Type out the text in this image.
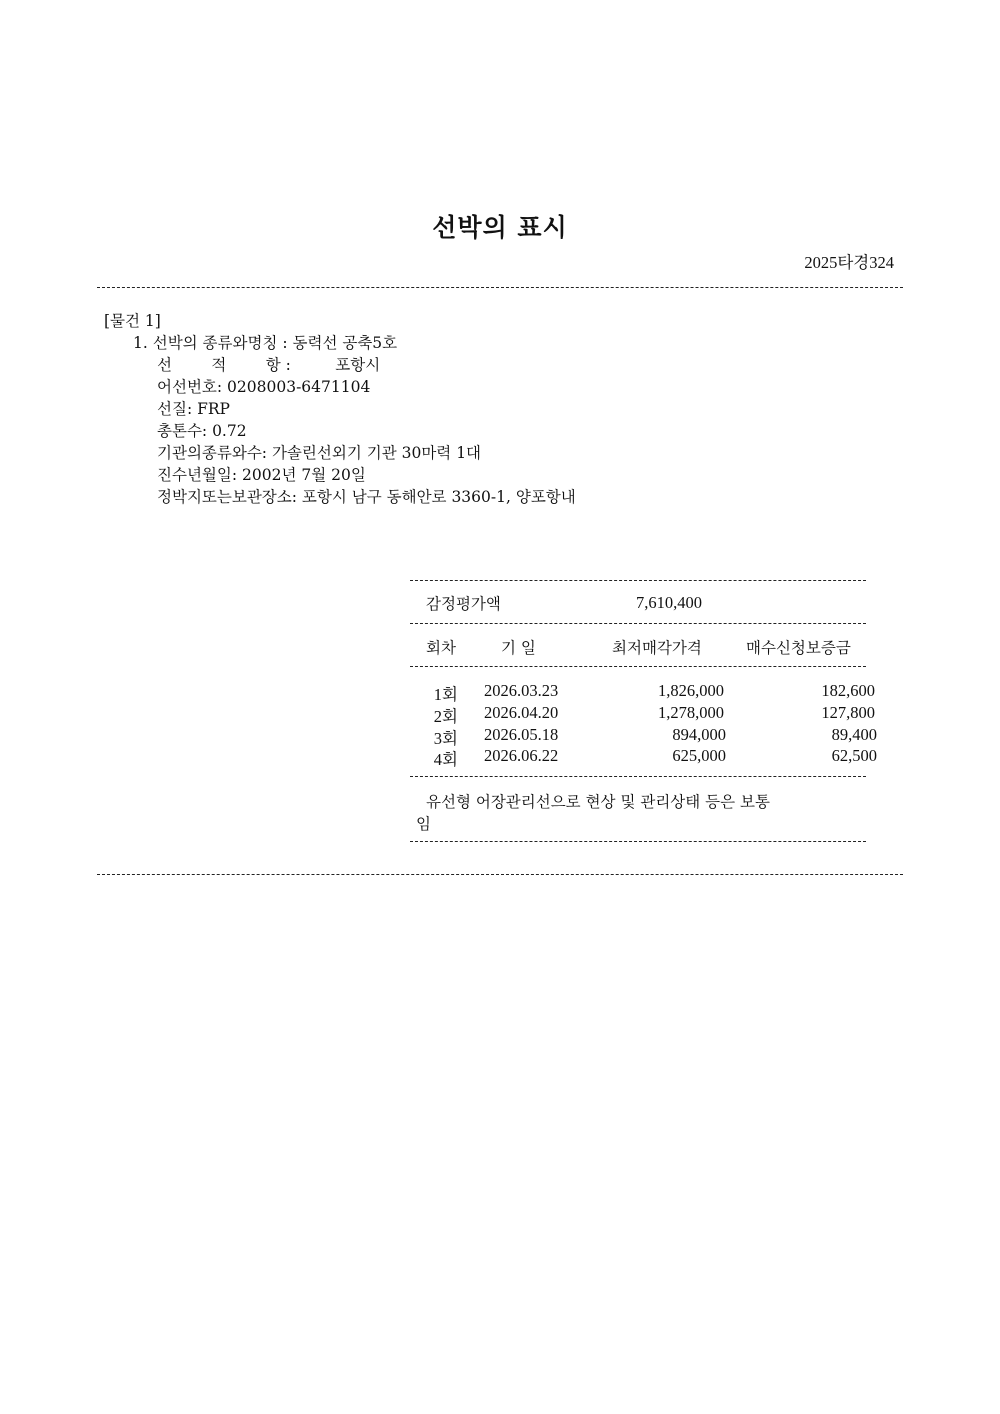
선박의 표시
2025타경324
[물건 1]
1. 선박의 종류와명칭 : 동력선 공축5호
선        적        항 :         포항시
어선번호: 0208003-6471104
선질: FRP
총톤수: 0.72
기관의종류와수: 가솔린선외기 기관 30마력 1대
진수년월일: 2002년 7월 20일
정박지또는보관장소: 포항시 남구 동해안로 3360-1, 양포항내
감정평가액	7,610,400
회차	기 일	최저매각가격	매수신청보증금
1회 2026.03.23	1,826,000	182,600
2회 2026.04.20	1,278,000	127,800
3회 2026.05.18	894,000	89,400
4회 2026.06.22	625,000	62,500
유선형 어장관리선으로 현상 및 관리상태 등은 보통
임
